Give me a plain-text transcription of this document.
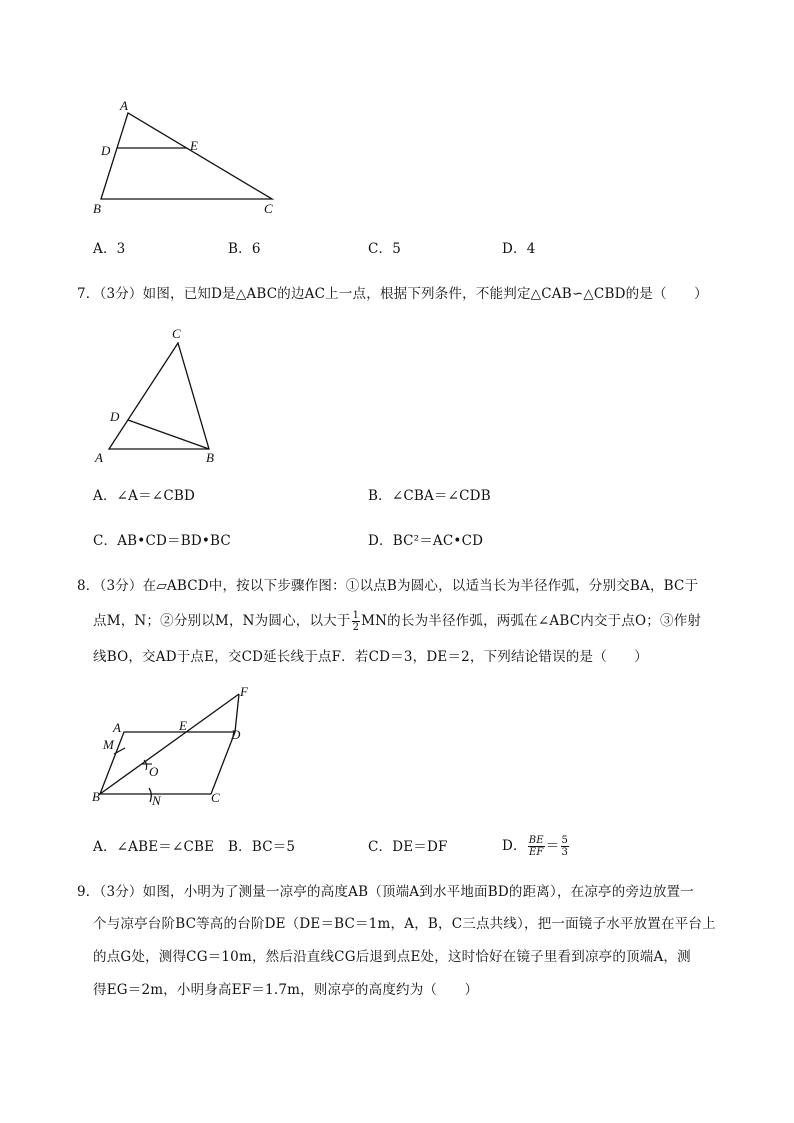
A
D	E
B	C
A．3	B．6	C．5	D．4
7．（3分）如图，已知D是△ABC的边AC上一点，根据下列条件，不能判定△CAB∽△CBD的是（　　）
C
D
A	B
A．∠A＝∠CBD	B．∠CBA＝∠CDB
C．AB•CD＝BD•BC	D．BC²＝AC•CD
8．（3分）在▱ABCD中，按以下步骤作图：①以点B为圆心，以适当长为半径作弧，分别交BA，BC于
点M，N；②分别以M，N为圆心，以大于 $\frac{1}{2}$ MN的长为半径作弧，两弧在∠ABC内交于点O；③作射
线BO，交AD于点E，交CD延长线于点F．若CD＝3，DE＝2，下列结论错误的是（　　）
F
A	E
D
M
O
B	N	C
A．∠ABE＝∠CBE B．BC＝5	C．DE＝DF	D． $\frac{BE}{EF} = \frac{5}{3}$
9．（3分）如图，小明为了测量一凉亭的高度AB（顶端A到水平地面BD的距离），在凉亭的旁边放置一
个与凉亭台阶BC等高的台阶DE（DE＝BC＝1m，A，B，C三点共线），把一面镜子水平放置在平台上
的点G处，测得CG＝10m，然后沿直线CG后退到点E处，这时恰好在镜子里看到凉亭的顶端A，测
得EG＝2m，小明身高EF＝1.7m，则凉亭的高度约为（　　）
